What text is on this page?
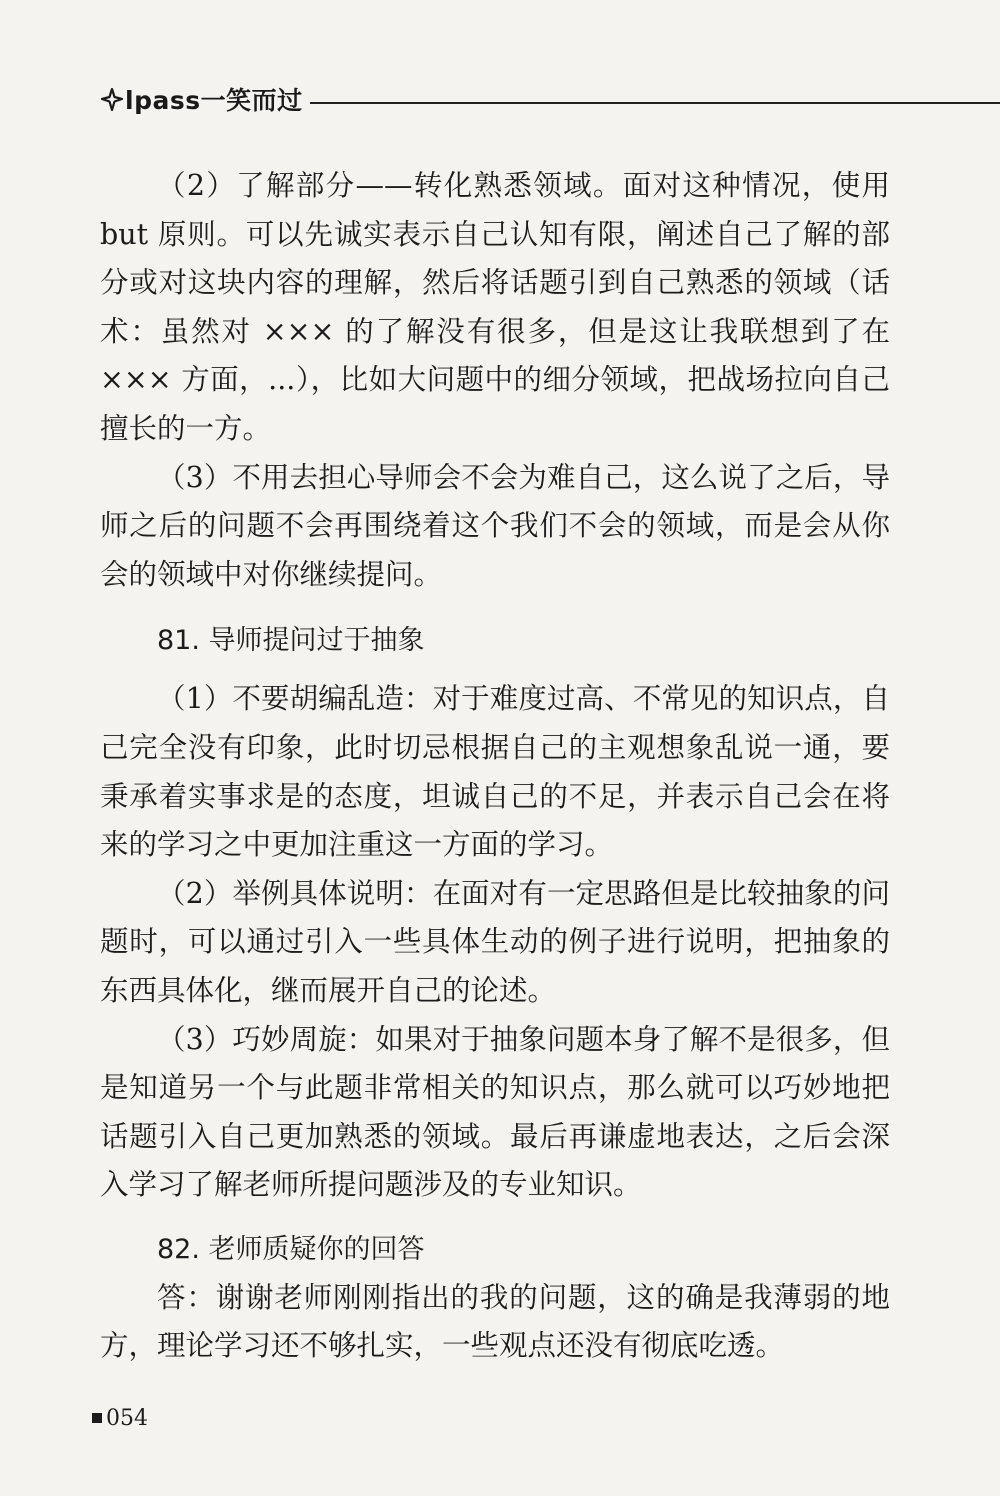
lpass一笑而过

（2）了解部分——转化熟悉领域。面对这种情况，使用 but 原则。可以先诚实表示自己认知有限，阐述自己了解的部分或对这块内容的理解，然后将话题引到自己熟悉的领域（话术：虽然对 ××× 的了解没有很多，但是这让我联想到了在 ××× 方面，...），比如大问题中的细分领域，把战场拉向自己擅长的一方。

（3）不用去担心导师会不会为难自己，这么说了之后，导师之后的问题不会再围绕着这个我们不会的领域，而是会从你会的领域中对你继续提问。

81. 导师提问过于抽象

（1）不要胡编乱造：对于难度过高、不常见的知识点，自己完全没有印象，此时切忌根据自己的主观想象乱说一通，要秉承着实事求是的态度，坦诚自己的不足，并表示自己会在将来的学习之中更加注重这一方面的学习。

（2）举例具体说明：在面对有一定思路但是比较抽象的问题时，可以通过引入一些具体生动的例子进行说明，把抽象的东西具体化，继而展开自己的论述。

（3）巧妙周旋：如果对于抽象问题本身了解不是很多，但是知道另一个与此题非常相关的知识点，那么就可以巧妙地把话题引入自己更加熟悉的领域。最后再谦虚地表达，之后会深入学习了解老师所提问题涉及的专业知识。

82. 老师质疑你的回答

答：谢谢老师刚刚指出的我的问题，这的确是我薄弱的地方，理论学习还不够扎实，一些观点还没有彻底吃透。

054
